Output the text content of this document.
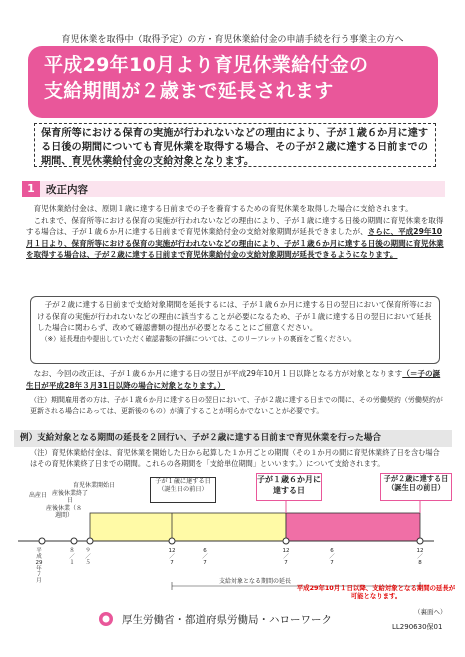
育児休業を取得中（取得予定）の方・育児休業給付金の申請手続を行う事業主の方へ
平成29年10月より育児休業給付金の
支給期間が２歳まで延長されます
保育所等における保育の実施が行われないなどの理由により、子が１歳６か月に達する日後の期間についても育児休業を取得する場合、その子が２歳に達する日前までの期間、育児休業給付金の支給対象となります。
1	改正内容

育児休業給付金は、原則１歳に達する日前までの子を養育するための育児休業を取得した場合に支給されます。

これまで、保育所等における保育の実施が行われないなどの理由により、子が１歳に達する日後の期間に育児休業を取得する場合は、子が１歳６か月に達する日前まで育児休業給付金の支給対象期間が延長できましたが、さらに、平成29年10月１日より、保育所等における保育の実施が行われないなどの理由により、子が１歳６か月に達する日後の期間に育児休業を取得する場合は、子が２歳に達する日前まで育児休業給付金の支給対象期間が延長できるようになります。

子が２歳に達する日前まで支給対象期間を延長するには、子が１歳６か月に達する日の翌日において保育所等における保育の実施が行われないなどの理由に該当することが必要になるため、子が１歳に達する日の翌日において延長した場合に関わらず、改めて確認書類の提出が必要となることにご留意ください。
（※）延長理由や提出していただく確認書類の詳細については、このリーフレットの裏面をご覧ください。

なお、今回の改正は、子が１歳６か月に達する日の翌日が平成29年10月１日以降となる方が対象となります（＝子の誕生日が平成28年３月31日以降の場合に対象となります。）

（注）期間雇用者の方は、子が１歳６か月に達する日の翌日において、子が２歳に達する日までの間に、その労働契約（労働契約が更新される場合にあっては、更新後のもの）が満了することが明らかでないことが必要です。
例）支給対象となる期間の延長を２回行い、子が２歳に達する日前まで育児休業を行った場合
（注）育児休業給付金は、育児休業を開始した日から起算した１か月ごとの期間（その１か月の間に育児休業終了日を含む場合はその育児休業終了日までの期間。これらの各期間を「支給単位期間」といいます。）について支給されます。
出産日 産後休業終了日
産後休業（８週間）
育児休業開始日
子が１歳に達する日（誕生日の前日）
子が１歳６か月に達する日
子が２歳に達する日（誕生日の前日）
平成 29 年 ７ 月
８ ／ １
９ ／ ５
12 ／ 7
6 ／ 7
12 ／ 7
6 ／ 7
12 ／ 8
支給対象となる期間の延長
平成29年10月１日以降、支給対象となる期間の延長が可能となります。
厚生労働省・都道府県労働局・ハローワーク
（裏面へ）
LL290630保01
